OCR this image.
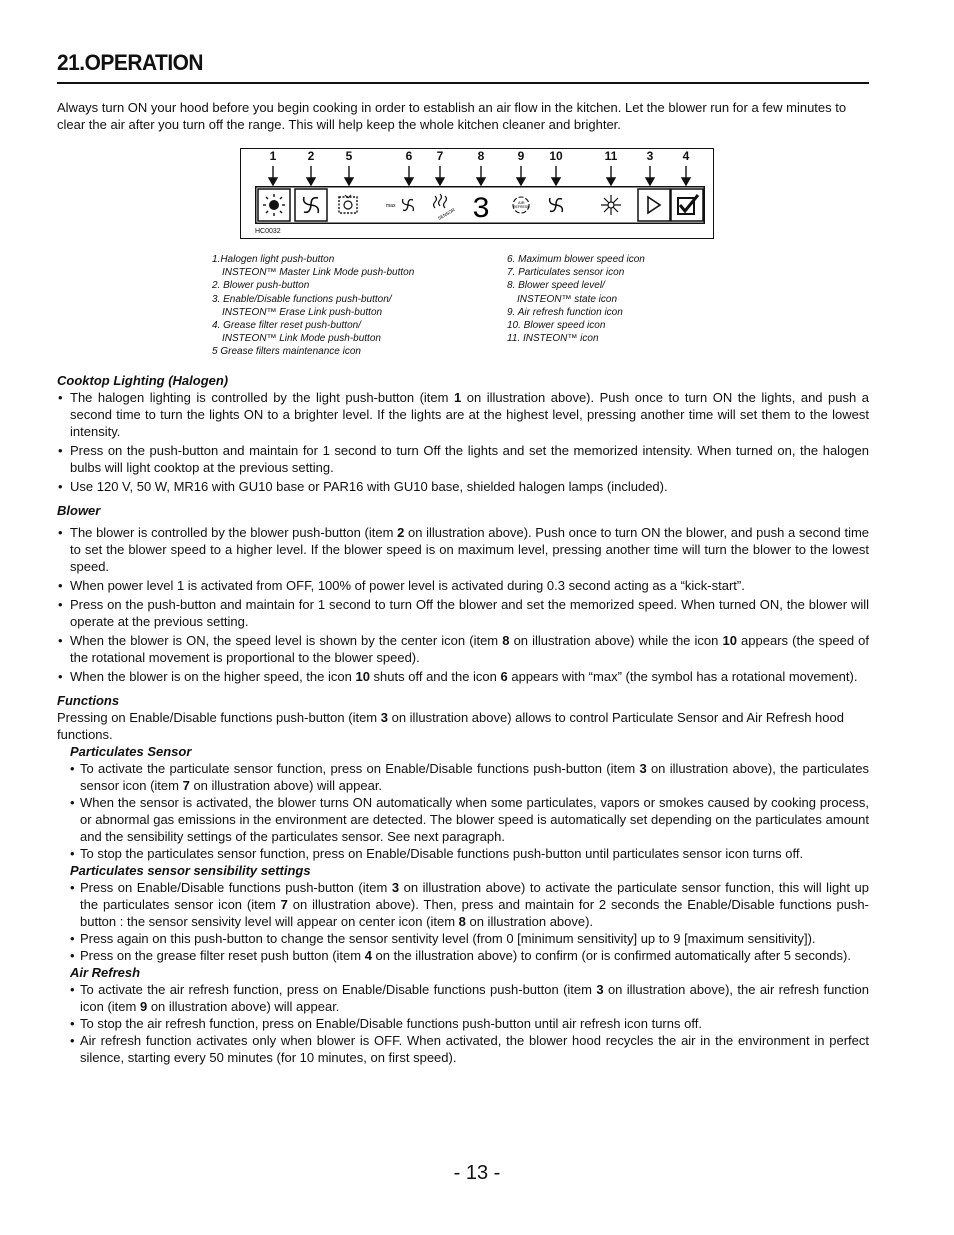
21.OPERATION
Always turn ON your hood before you begin cooking in order to establish an air flow in the kitchen. Let the blower run for a few minutes to clear the air after you turn off the range. This will help keep the whole kitchen cleaner and brighter.
1	2	5	6	7	8	9	10	11	3	4
max
SENSOR 3	AIR
REFRESH
HC0032
1.Halogen light push-button
INSTEON™ Master Link Mode push-button
2. Blower push-button
3. Enable/Disable functions push-button/
INSTEON™ Erase Link push-button
4. Grease filter reset push-button/
INSTEON™ Link Mode push-button
5 Grease filters maintenance icon
6. Maximum blower speed icon
7. Particulates sensor icon
8. Blower speed level/
INSTEON™ state icon
9. Air refresh function icon
10. Blower speed icon
11. INSTEON™ icon

Cooktop Lighting (Halogen)

• The halogen lighting is controlled by the light push-button (item 1 on illustration above). Push once to turn ON the lights, and push a second time to turn the lights ON to a brighter level. If the lights are at the highest level, pressing another time will set them to the lowest intensity.
• Press on the push-button and maintain for 1 second to turn Off the lights and set the memorized intensity. When turned on, the halogen bulbs will light cooktop at the previous setting.
• Use 120 V, 50 W, MR16 with GU10 base or PAR16 with GU10 base, shielded halogen lamps (included).

Blower

• The blower is controlled by the blower push-button (item 2 on illustration above). Push once to turn ON the blower, and push a second time to set the blower speed to a higher level. If the blower speed is on maximum level, pressing another time will turn the blower to the lowest speed.
• When power level 1 is activated from OFF, 100% of power level is activated during 0.3 second acting as a “kick-start”.
• Press on the push-button and maintain for 1 second to turn Off the blower and set the memorized speed. When turned ON, the blower will operate at the previous setting.
• When the blower is ON, the speed level is shown by the center icon (item 8 on illustration above) while the icon 10 appears (the speed of the rotational movement is proportional to the blower speed).
• When the blower is on the higher speed, the icon 10 shuts off and the icon 6 appears with “max” (the symbol has a rotational movement).

Functions

Pressing on Enable/Disable functions push-button (item 3 on illustration above) allows to control Particulate Sensor and Air Refresh hood functions.

Particulates Sensor

• To activate the particulate sensor function, press on Enable/Disable functions push-button (item 3 on illustration above), the particulates sensor icon (item 7 on illustration above) will appear.
• When the sensor is activated, the blower turns ON automatically when some particulates, vapors or smokes caused by cooking process, or abnormal gas emissions in the environment are detected. The blower speed is automatically set depending on the particulates amount and the sensibility settings of the particulates sensor. See next paragraph.
• To stop the particulates sensor function, press on Enable/Disable functions push-button until particulates sensor icon turns off.

Particulates sensor sensibility settings

• Press on Enable/Disable functions push-button (item 3 on illustration above) to activate the particulate sensor function, this will light up the particulates sensor icon (item 7 on illustration above). Then, press and maintain for 2 seconds the Enable/Disable functions push-button : the sensor sensivity level will appear on center icon (item 8 on illustration above).
• Press again on this push-button to change the sensor sentivity level (from 0 [minimum sensitivity] up to 9 [maximum sensitivity]).
• Press on the grease filter reset push button (item 4 on the illustration above) to confirm (or is confirmed automatically after 5 seconds).

Air Refresh

• To activate the air refresh function, press on Enable/Disable functions push-button (item 3 on illustration above), the air refresh function icon (item 9 on illustration above) will appear.
• To stop the air refresh function, press on Enable/Disable functions push-button until air refresh icon turns off.
• Air refresh function activates only when blower is OFF. When activated, the blower hood recycles the air in the environment in perfect silence, starting every 50 minutes (for 10 minutes, on first speed).
- 13 -
